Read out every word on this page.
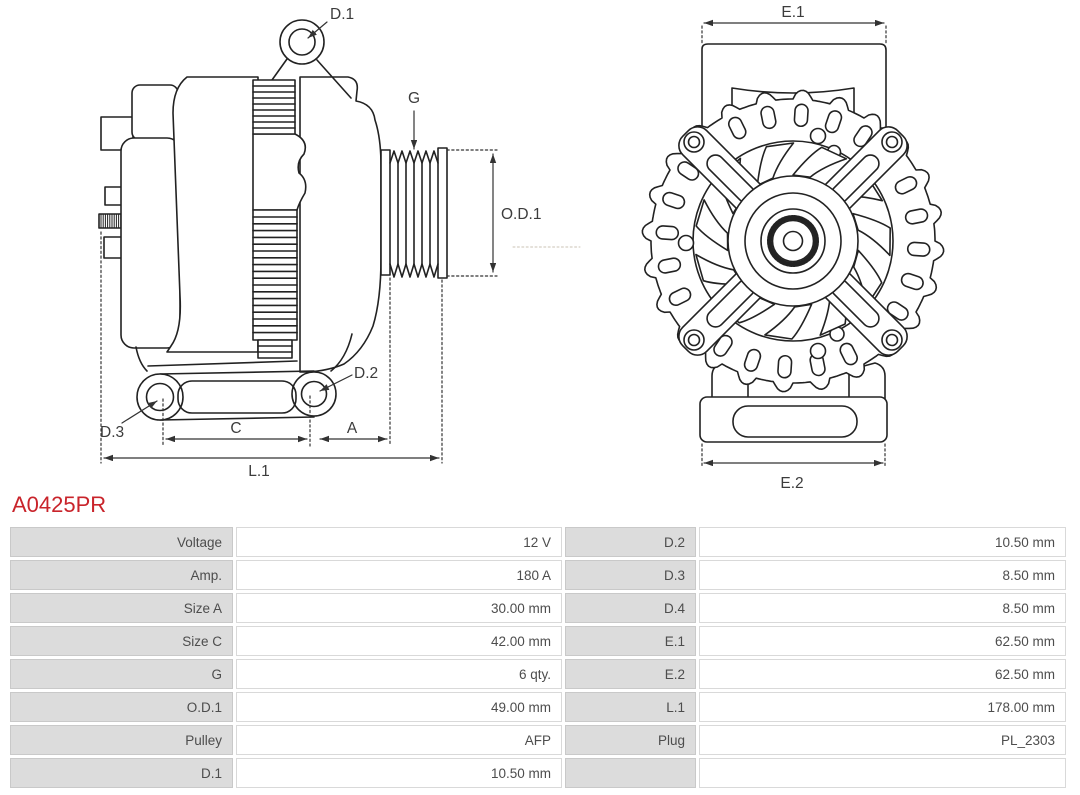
D.1
G
O.D.1
D.2
D.3	C	A
L.1
E.1
E.2
A0425PR
Voltage	12 V	D.2	10.50 mm
Amp.	180 A	D.3	8.50 mm
Size A	30.00 mm	D.4	8.50 mm
Size C	42.00 mm	E.1	62.50 mm
G	6 qty.	E.2	62.50 mm
O.D.1	49.00 mm	L.1	178.00 mm
Pulley	AFP	Plug	PL_2303
D.1	10.50 mm
